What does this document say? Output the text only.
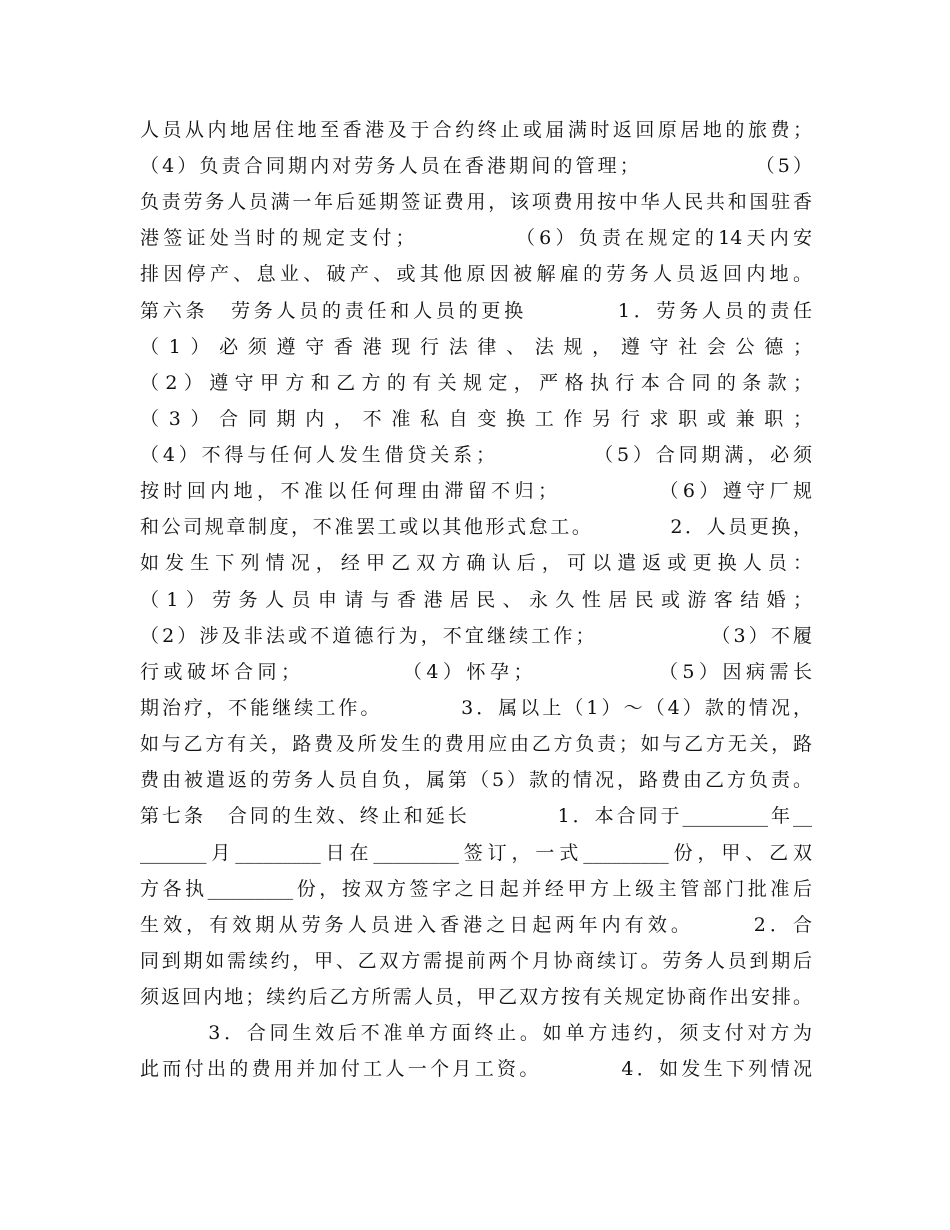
人员从内地居住地至香港及于合约终止或届满时返回原居地的旅费；
（4）负责合同期内对劳务人员在香港期间的管理；　　　　　　（5）
负责劳务人员满一年后延期签证费用，该项费用按中华人民共和国驻香
港签证处当时的规定支付；　　　　　（6）负责在规定的14天内安
排因停产、息业、破产、或其他原因被解雇的劳务人员返回内地。
第六条　劳务人员的责任和人员的更换　　　　1．劳务人员的责任
（1）必须遵守香港现行法律、法规，遵守社会公德；
（2）遵守甲方和乙方的有关规定，严格执行本合同的条款；
（3）合同期内，不准私自变换工作另行求职或兼职；
（4）不得与任何人发生借贷关系；　　　　　（5）合同期满，必须
按时回内地，不准以任何理由滞留不归；　　　　　（6）遵守厂规
和公司规章制度，不准罢工或以其他形式怠工。　　　　2．人员更换，
如发生下列情况，经甲乙双方确认后，可以遣返或更换人员：
（1）劳务人员申请与香港居民、永久性居民或游客结婚；
（2）涉及非法或不道德行为，不宜继续工作；　　　　　　（3）不履
行或破坏合同；　　　　　（4）怀孕；　　　　　　（5）因病需长
期治疗，不能继续工作。　　　　3．属以上（1）～（4）款的情况，
如与乙方有关，路费及所发生的费用应由乙方负责；如与乙方无关，路
费由被遣返的劳务人员自负，属第（5）款的情况，路费由乙方负责。
第七条　合同的生效、终止和延长　　　　1．本合同于_________年__
_______月_________日在_________签订，一式_________份，甲、乙双
方各执_________份，按双方签字之日起并经甲方上级主管部门批准后
生效，有效期从劳务人员进入香港之日起两年内有效。　　　2．合
同到期如需续约，甲、乙双方需提前两个月协商续订。劳务人员到期后
须返回内地；续约后乙方所需人员，甲乙双方按有关规定协商作出安排。
　　　3．合同生效后不准单方面终止。如单方违约，须支付对方为
此而付出的费用并加付工人一个月工资。　　　　4．如发生下列情况
